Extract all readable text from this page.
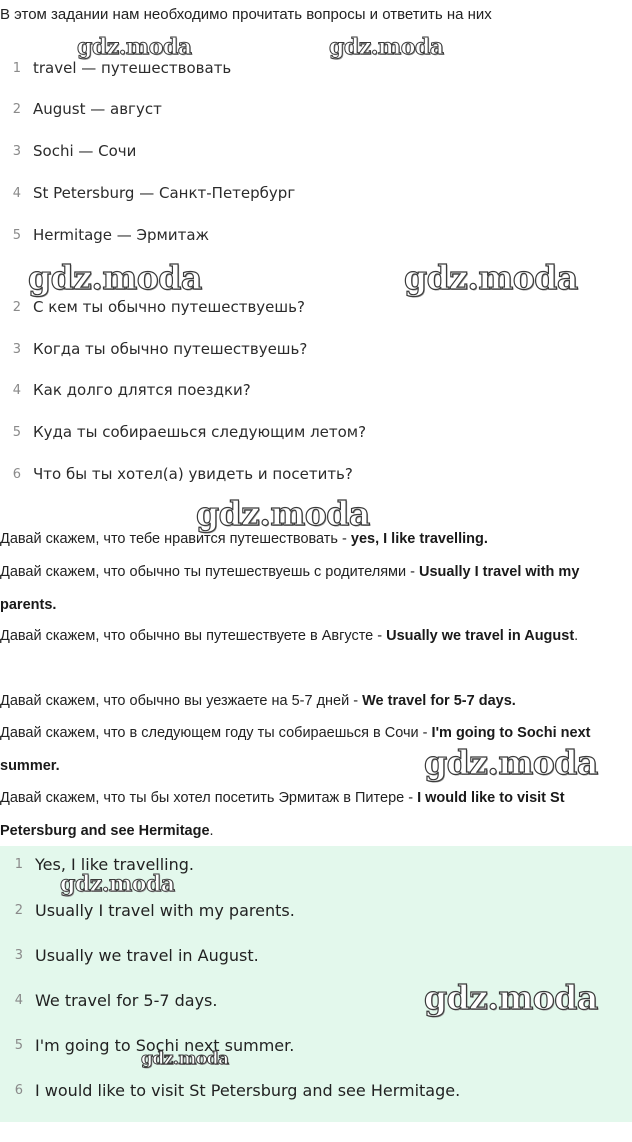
В этом задании нам необходимо прочитать вопросы и ответить на них
1 travel — путешествовать
2 August — август
3 Sochi — Сочи
4 St Petersburg — Санкт-Петербург
5 Hermitage — Эрмитаж
2 С кем ты обычно путешествуешь?
3 Когда ты обычно путешествуешь?
4 Как долго длятся поездки?
5 Куда ты собираешься следующим летом?
6 Что бы ты хотел(а) увидеть и посетить?
Давай скажем, что тебе нравится путешествовать - yes, I like travelling.
Давай скажем, что обычно ты путешествуешь с родителями - Usually I travel with my parents.
Давай скажем, что обычно вы путешествуете в Августе - Usually we travel in August.
Давай скажем, что обычно вы уезжаете на 5-7 дней - We travel for 5-7 days.
Давай скажем, что в следующем году ты собираешься в Сочи - I'm going to Sochi next summer.
Давай скажем, что ты бы хотел посетить Эрмитаж в Питере - I would like to visit St Petersburg and see Hermitage.
1 Yes, I like travelling.
2 Usually I travel with my parents.
3 Usually we travel in August.
4 We travel for 5-7 days.
5 I'm going to Sochi next summer.
6 I would like to visit St Petersburg and see Hermitage.
gdz.moda	gdz.moda
gdz.moda	gdz.moda
gdz.moda
gdz.moda
gdz.moda
gdz.moda
gdz.moda
